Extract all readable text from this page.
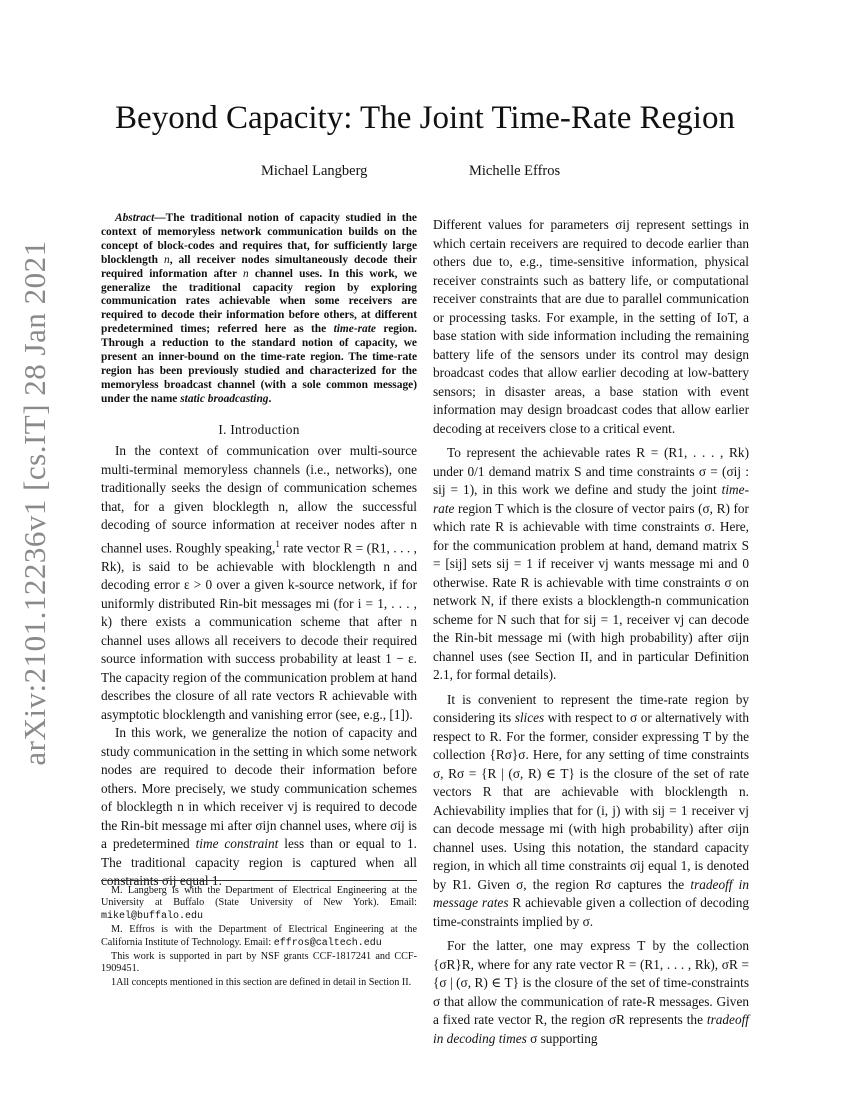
arXiv:2101.12236v1 [cs.IT] 28 Jan 2021
Beyond Capacity: The Joint Time-Rate Region
Michael Langberg	Michelle Effros

Abstract—The traditional notion of capacity studied in the context of memoryless network communication builds on the concept of block-codes and requires that, for sufficiently large blocklength n, all receiver nodes simultaneously decode their required information after n channel uses. In this work, we generalize the traditional capacity region by exploring communication rates achievable when some receivers are required to decode their information before others, at different predetermined times; referred here as the time-rate region. Through a reduction to the standard notion of capacity, we present an inner-bound on the time-rate region. The time-rate region has been previously studied and characterized for the memoryless broadcast channel (with a sole common message) under the name static broadcasting.

I. Introduction

In the context of communication over multi-source multi-terminal memoryless channels (i.e., networks), one traditionally seeks the design of communication schemes that, for a given blocklegth n, allow the successful decoding of source information at receiver nodes after n channel uses. Roughly speaking,$^1$ rate vector R = (R1, . . . , Rk), is said to be achievable with blocklength n and decoding error ε > 0 over a given k-source network, if for uniformly distributed Rin-bit messages mi (for i = 1, . . . , k) there exists a communication scheme that after n channel uses allows all receivers to decode their required source information with success probability at least 1 − ε. The capacity region of the communication problem at hand describes the closure of all rate vectors R achievable with asymptotic blocklength and vanishing error (see, e.g., [1]).

In this work, we generalize the notion of capacity and study communication in the setting in which some network nodes are required to decode their information before others. More precisely, we study communication schemes of blocklegth n in which receiver vj is required to decode the Rin-bit message mi after σijn channel uses, where σij is a predetermined time constraint less than or equal to 1. The traditional capacity region is captured when all constraints σij equal 1.

M. Langberg is with the Department of Electrical Engineering at the University at Buffalo (State University of New York). Email: mikel@buffalo.edu

M. Effros is with the Department of Electrical Engineering at the California Institute of Technology. Email: effros@caltech.edu

This work is supported in part by NSF grants CCF-1817241 and CCF-1909451.

1All concepts mentioned in this section are defined in detail in Section II.

Different values for parameters σij represent settings in which certain receivers are required to decode earlier than others due to, e.g., time-sensitive information, physical receiver constraints such as battery life, or computational receiver constraints that are due to parallel communication or processing tasks. For example, in the setting of IoT, a base station with side information including the remaining battery life of the sensors under its control may design broadcast codes that allow earlier decoding at low-battery sensors; in disaster areas, a base station with event information may design broadcast codes that allow earlier decoding at receivers close to a critical event.

To represent the achievable rates R = (R1, . . . , Rk) under 0/1 demand matrix S and time constraints σ = (σij : sij = 1), in this work we define and study the joint time-rate region T which is the closure of vector pairs (σ, R) for which rate R is achievable with time constraints σ. Here, for the communication problem at hand, demand matrix S = [sij] sets sij = 1 if receiver vj wants message mi and 0 otherwise. Rate R is achievable with time constraints σ on network N, if there exists a blocklength-n communication scheme for N such that for sij = 1, receiver vj can decode the Rin-bit message mi (with high probability) after σijn channel uses (see Section II, and in particular Definition 2.1, for formal details).

It is convenient to represent the time-rate region by considering its slices with respect to σ or alternatively with respect to R. For the former, consider expressing T by the collection {Rσ}σ. Here, for any setting of time constraints σ, Rσ = {R | (σ, R) ∈ T} is the closure of the set of rate vectors R that are achievable with blocklength n. Achievability implies that for (i, j) with sij = 1 receiver vj can decode message mi (with high probability) after σijn channel uses. Using this notation, the standard capacity region, in which all time constraints σij equal 1, is denoted by R1. Given σ, the region Rσ captures the tradeoff in message rates R achievable given a collection of decoding time-constraints implied by σ.

For the latter, one may express T by the collection {σR}R, where for any rate vector R = (R1, . . . , Rk), σR = {σ | (σ, R) ∈ T} is the closure of the set of time-constraints σ that allow the communication of rate-R messages. Given a fixed rate vector R, the region σR represents the tradeoff in decoding times σ supporting
